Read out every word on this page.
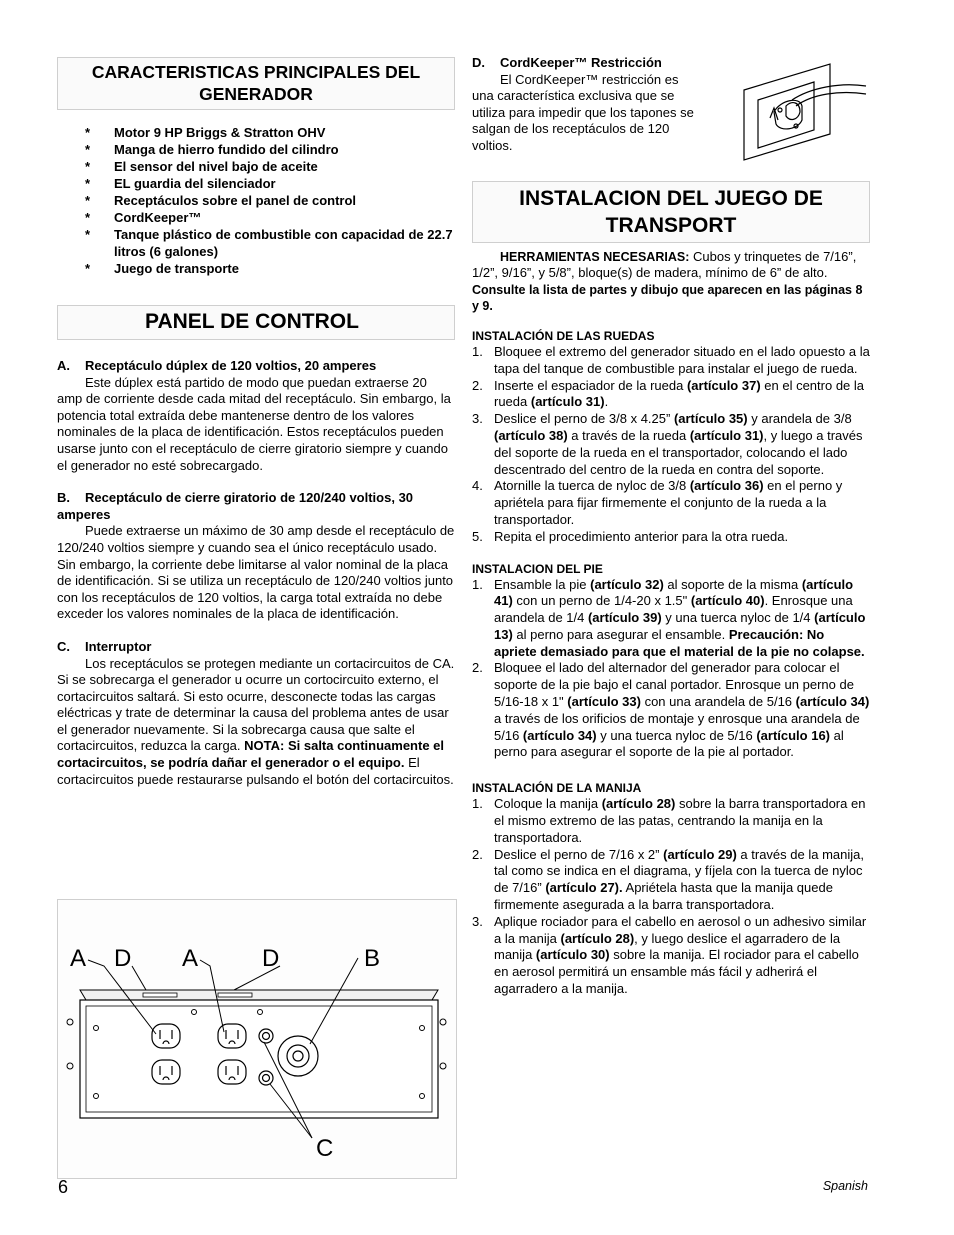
CARACTERISTICAS PRINCIPALES DEL GENERADOR
* Motor 9 HP Briggs & Stratton OHV
* Manga de hierro fundido del cilindro
* El sensor del nivel bajo de aceite
* EL guardia del silenciador
* Receptáculos sobre el panel de control
* CordKeeper™
* Tanque plástico de combustible con capacidad de 22.7 litros (6 galones)
* Juego de transporte
PANEL DE CONTROL
A. Receptáculo dúplex de 120 voltios, 20 amperes

Este dúplex está partido de modo que puedan extraerse 20 amp de corriente desde cada mitad del receptáculo. Sin embargo, la potencia total extraída debe mantenerse dentro de los valores nominales de la placa de identificación. Estos receptáculos pueden usarse junto con el receptáculo de cierre giratorio siempre y cuando el generador no esté sobrecargado.

B. Receptáculo de cierre giratorio de 120/240 voltios, 30
amperes

Puede extraerse un máximo de 30 amp desde el receptáculo de 120/240 voltios siempre y cuando sea el único receptáculo usado. Sin embargo, la corriente debe limitarse al valor nominal de la placa de identificación. Si se utiliza un receptáculo de 120/240 voltios junto con los receptáculos de 120 voltios, la carga total extraída no debe exceder los valores nominales de la placa de identificación.

C. Interruptor

Los receptáculos se protegen mediante un cortacircuitos de CA. Si se sobrecarga el generador u ocurre un cortocircuito externo, el cortacircuitos saltará. Si esto ocurre, desconecte todas las cargas eléctricas y trate de determinar la causa del problema antes de usar el generador nuevamente. Si la sobrecarga causa que salte el cortacircuitos, reduzca la carga. NOTA: Si salta continuamente el cortacircuitos, se podría dañar el generador o el equipo. El cortacircuitos puede restaurarse pulsando el botón del cortacircuitos.

A D A	D	B
C
D. CordKeeper™ Restricción

El CordKeeper™ restricción es

una característica exclusiva que se utiliza para impedir que los tapones se salgan de los receptáculos de 120 voltios.

INSTALACION DEL JUEGO DE TRANSPORT

HERRAMIENTAS NECESARIAS: Cubos y trinquetes de 7/16”, 1/2”, 9/16”, y 5/8”, bloque(s) de madera, mínimo de 6” de alto.

Consulte la lista de partes y dibujo que aparecen en las páginas 8 y 9.

INSTALACIÓN DE LAS RUEDAS
1. Bloquee el extremo del generador situado en el lado opuesto a la tapa del tanque de combustible para instalar el juego de rueda.
2. Inserte el espaciador de la rueda (artículo 37) en el centro de la rueda (artículo 31).
3. Deslice el perno de 3/8 x 4.25” (artículo 35) y arandela de 3/8 (artículo 38) a través de la rueda (artículo 31), y luego a través del soporte de la rueda en el transportador, colocando el lado descentrado del centro de la rueda en contra del soporte.
4. Atornille la tuerca de nyloc de 3/8 (artículo 36) en el perno y apriétela para fijar firmemente el conjunto de la rueda a la transportador.
5. Repita el procedimiento anterior para la otra rueda.
INSTALACION DEL PIE
1. Ensamble la pie (artículo 32) al soporte de la misma (artículo 41) con un perno de 1/4-20 x 1.5" (artículo 40). Enrosque una arandela de 1/4 (artículo 39) y una tuerca nyloc de 1/4 (artículo 13) al perno para asegurar el ensamble. Precaución: No apriete demasiado para que el material de la pie no colapse.
2. Bloquee el lado del alternador del generador para colocar el soporte de la pie bajo el canal portador. Enrosque un perno de 5/16-18 x 1" (artículo 33) con una arandela de 5/16 (artículo 34) a través de los orificios de montaje y enrosque una arandela de 5/16 (artículo 34) y una tuerca nyloc de 5/16 (artículo 16) al perno para asegurar el soporte de la pie al portador.
INSTALACIÓN DE LA MANIJA
1. Coloque la manija (artículo 28) sobre la barra transportadora en el mismo extremo de las patas, centrando la manija en la transportadora.
2. Deslice el perno de 7/16 x 2” (artículo 29) a través de la manija, tal como se indica en el diagrama, y fíjela con la tuerca de nyloc de 7/16” (artículo 27). Apriétela hasta que la manija quede firmemente asegurada a la barra transportadora.
3. Aplique rociador para el cabello en aerosol o un adhesivo similar a la manija (artículo 28), y luego deslice el agarradero de la manija (artículo 30) sobre la manija. El rociador para el cabello en aerosol permitirá un ensamble más fácil y adherirá el agarradero a la manija.
6	Spanish
